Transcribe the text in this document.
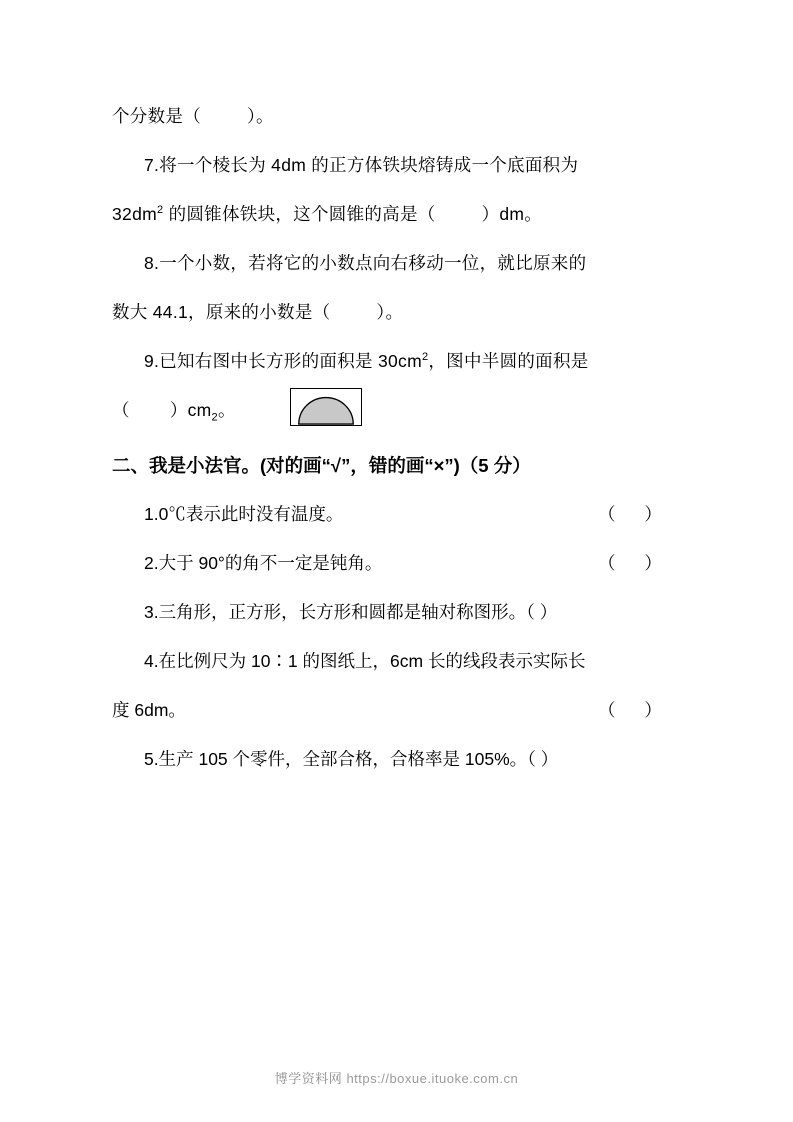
个分数是（	）。
7.将一个棱长为 4dm 的正方体铁块熔铸成一个底面积为
$32dm^2$ 的圆锥体铁块，这个圆锥的高是（	）dm。
8.一个小数，若将它的小数点向右移动一位，就比原来的
数大 44.1，原来的小数是（	）。
9.已知右图中长方形的面积是 $30cm^2$，图中半圆的面积是
（ ）$cm_2$。
二、我是小法官。(对的画“√”，错的画“×”)（5 分）
1.0℃表示此时没有温度。	（ ）
2.大于 90°的角不一定是钝角。	（ ）
3.三角形，正方形，长方形和圆都是轴对称图形。（ ）
4.在比例尺为 10∶1 的图纸上，6cm 长的线段表示实际长
度 6dm。	（ ）
5.生产 105 个零件，全部合格，合格率是 105%。（ ）
博学资料网 https://boxue.ituoke.com.cn
